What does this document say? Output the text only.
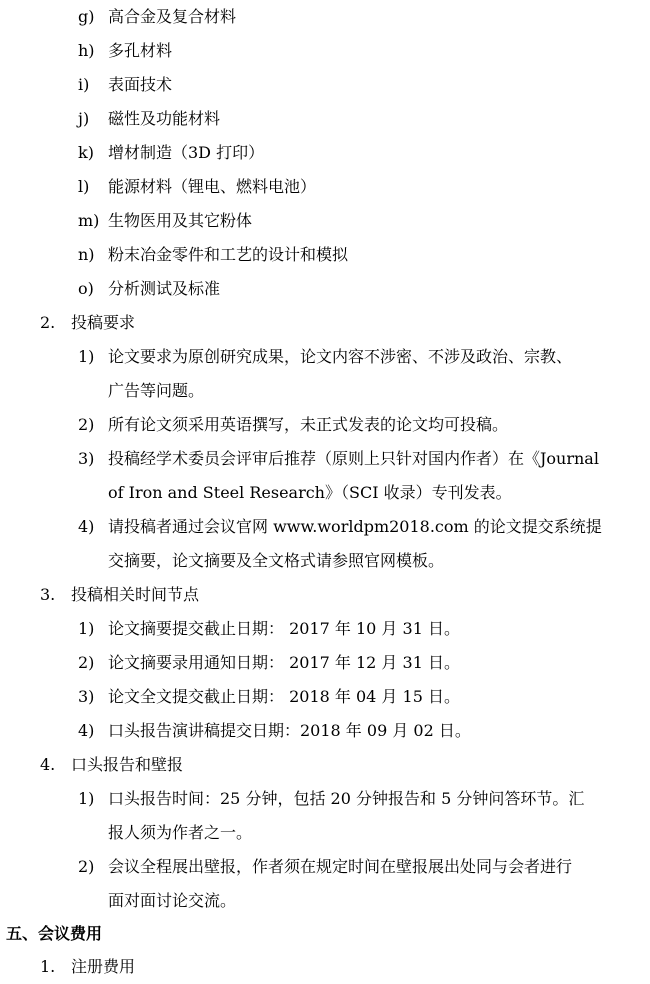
g) 高合金及复合材料
h) 多孔材料
i) 表面技术
j) 磁性及功能材料
k) 增材制造（3D 打印）
l) 能源材料（锂电、燃料电池）
m) 生物医用及其它粉体
n) 粉末冶金零件和工艺的设计和模拟
o) 分析测试及标准
2. 投稿要求
1) 论文要求为原创研究成果，论文内容不涉密、不涉及政治、宗教、
广告等问题。
2) 所有论文须采用英语撰写，未正式发表的论文均可投稿。
3) 投稿经学术委员会评审后推荐（原则上只针对国内作者）在《Journal
of Iron and Steel Research》（SCI 收录）专刊发表。
4) 请投稿者通过会议官网 www.worldpm2018.com 的论文提交系统提
交摘要，论文摘要及全文格式请参照官网模板。
3. 投稿相关时间节点
1) 论文摘要提交截止日期： 2017 年 10 月 31 日。
2) 论文摘要录用通知日期： 2017 年 12 月 31 日。
3) 论文全文提交截止日期： 2018 年 04 月 15 日。
4) 口头报告演讲稿提交日期：2018 年 09 月 02 日。
4. 口头报告和壁报
1) 口头报告时间：25 分钟，包括 20 分钟报告和 5 分钟问答环节。汇
报人须为作者之一。
2) 会议全程展出壁报，作者须在规定时间在壁报展出处同与会者进行
面对面讨论交流。
五、会议费用
1. 注册费用
